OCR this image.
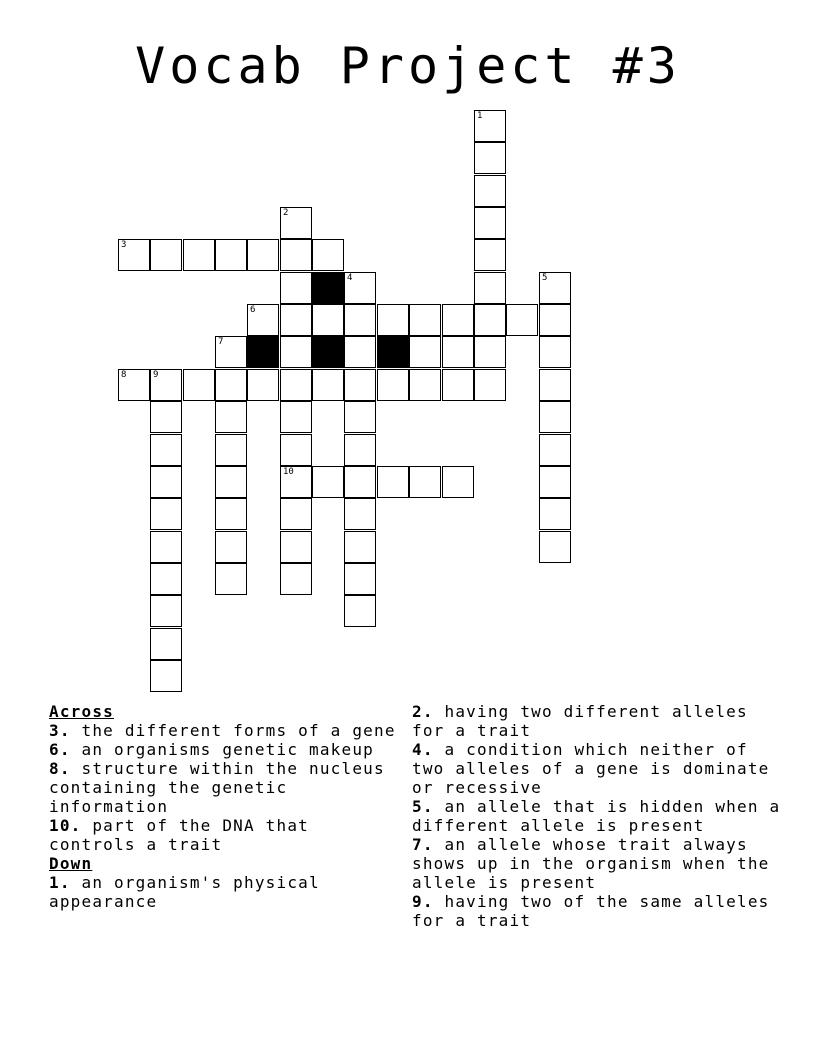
Vocab Project #3
1
2
10
3
4	5
6
7
8	9
Across
3. the different forms of a gene
6. an organisms genetic makeup
8. structure within the nucleus containing the genetic information
10. part of the DNA that controls a trait
Down
1. an organism's physical appearance
2. having two different alleles for a trait
4. a condition which neither of two alleles of a gene is dominate or recessive
5. an allele that is hidden when a different allele is present
7. an allele whose trait always shows up in the organism when the allele is present
9. having two of the same alleles for a trait
